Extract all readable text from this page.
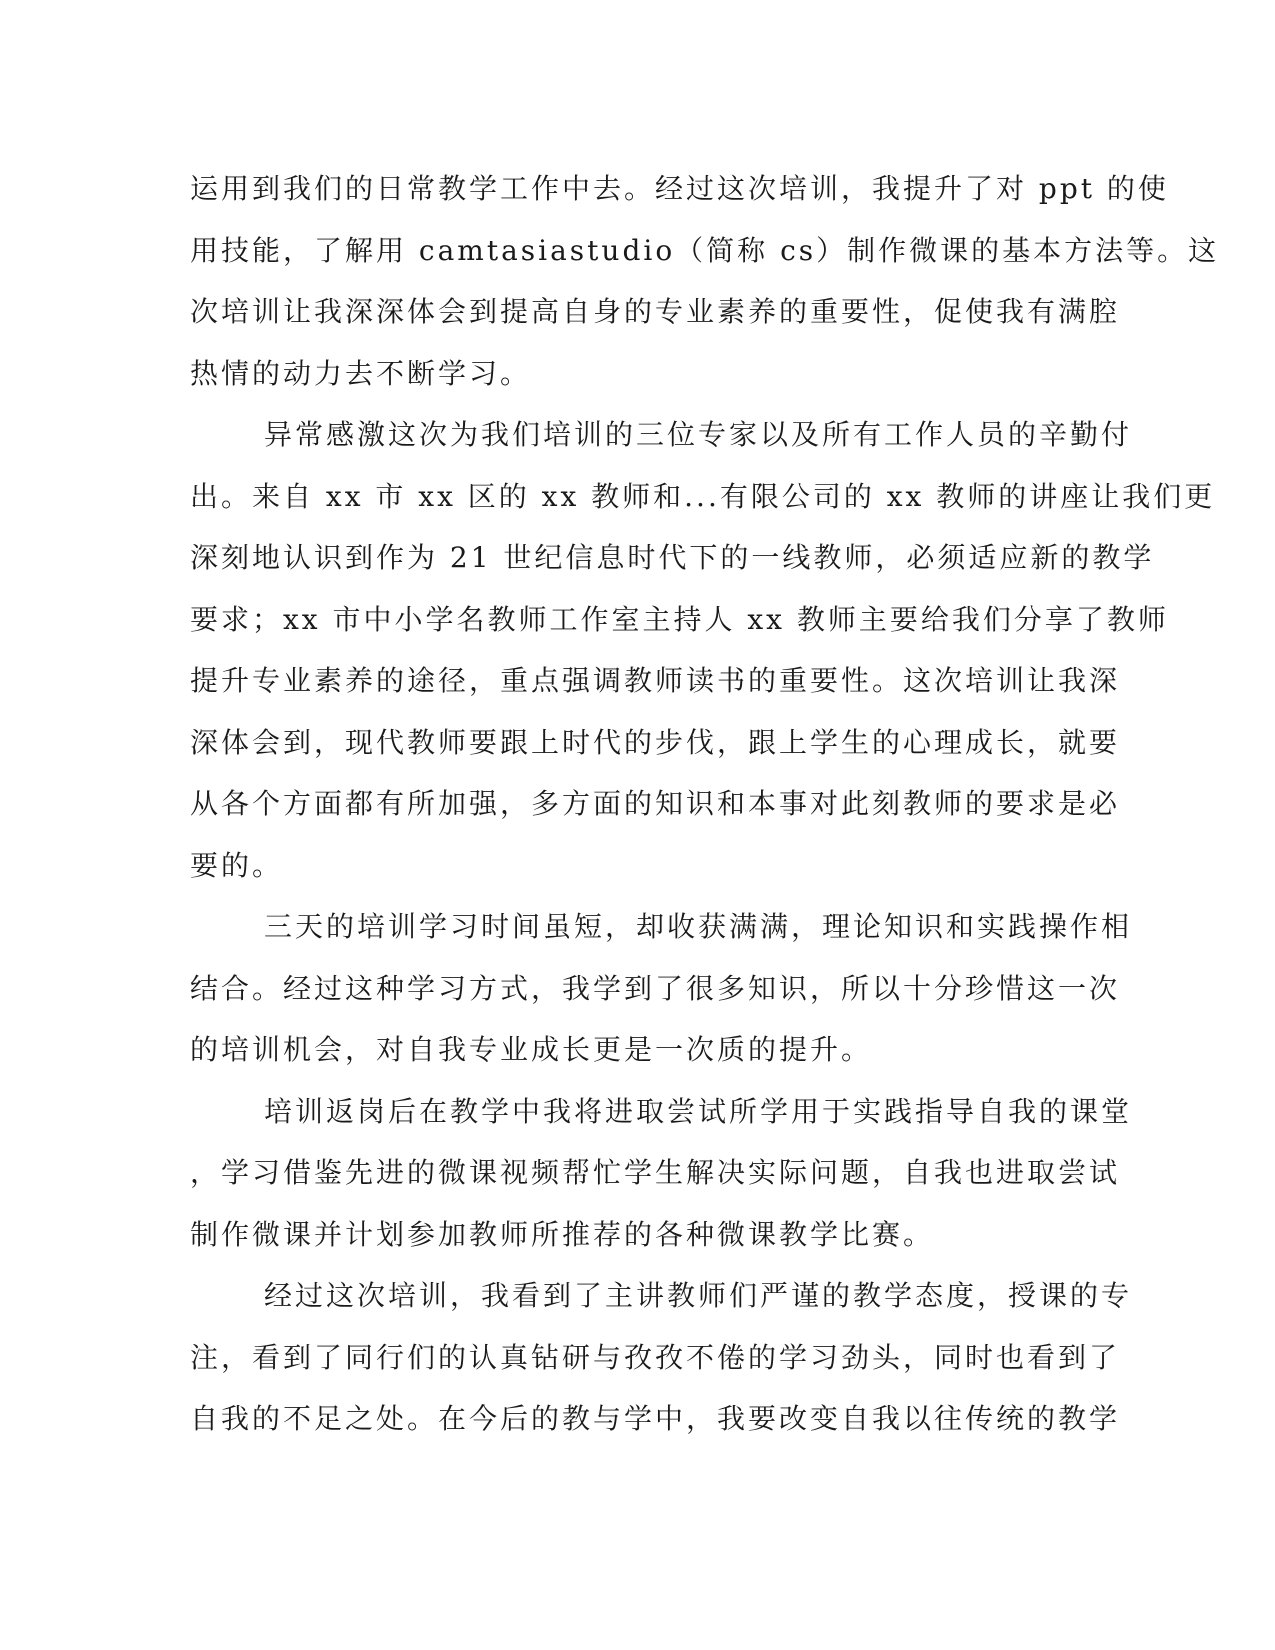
运用到我们的日常教学工作中去。经过这次培训，我提升了对 ppt 的使
用技能，了解用 camtasiastudio（简称 cs）制作微课的基本方法等。这
次培训让我深深体会到提高自身的专业素养的重要性，促使我有满腔
热情的动力去不断学习。
异常感激这次为我们培训的三位专家以及所有工作人员的辛勤付
出。来自 xx 市 xx 区的 xx 教师和...有限公司的 xx 教师的讲座让我们更
深刻地认识到作为 21 世纪信息时代下的一线教师，必须适应新的教学
要求；xx 市中小学名教师工作室主持人 xx 教师主要给我们分享了教师
提升专业素养的途径，重点强调教师读书的重要性。这次培训让我深
深体会到，现代教师要跟上时代的步伐，跟上学生的心理成长，就要
从各个方面都有所加强，多方面的知识和本事对此刻教师的要求是必
要的。
三天的培训学习时间虽短，却收获满满，理论知识和实践操作相
结合。经过这种学习方式，我学到了很多知识，所以十分珍惜这一次
的培训机会，对自我专业成长更是一次质的提升。
培训返岗后在教学中我将进取尝试所学用于实践指导自我的课堂
，学习借鉴先进的微课视频帮忙学生解决实际问题，自我也进取尝试
制作微课并计划参加教师所推荐的各种微课教学比赛。
经过这次培训，我看到了主讲教师们严谨的教学态度，授课的专
注，看到了同行们的认真钻研与孜孜不倦的学习劲头，同时也看到了
自我的不足之处。在今后的教与学中，我要改变自我以往传统的教学
